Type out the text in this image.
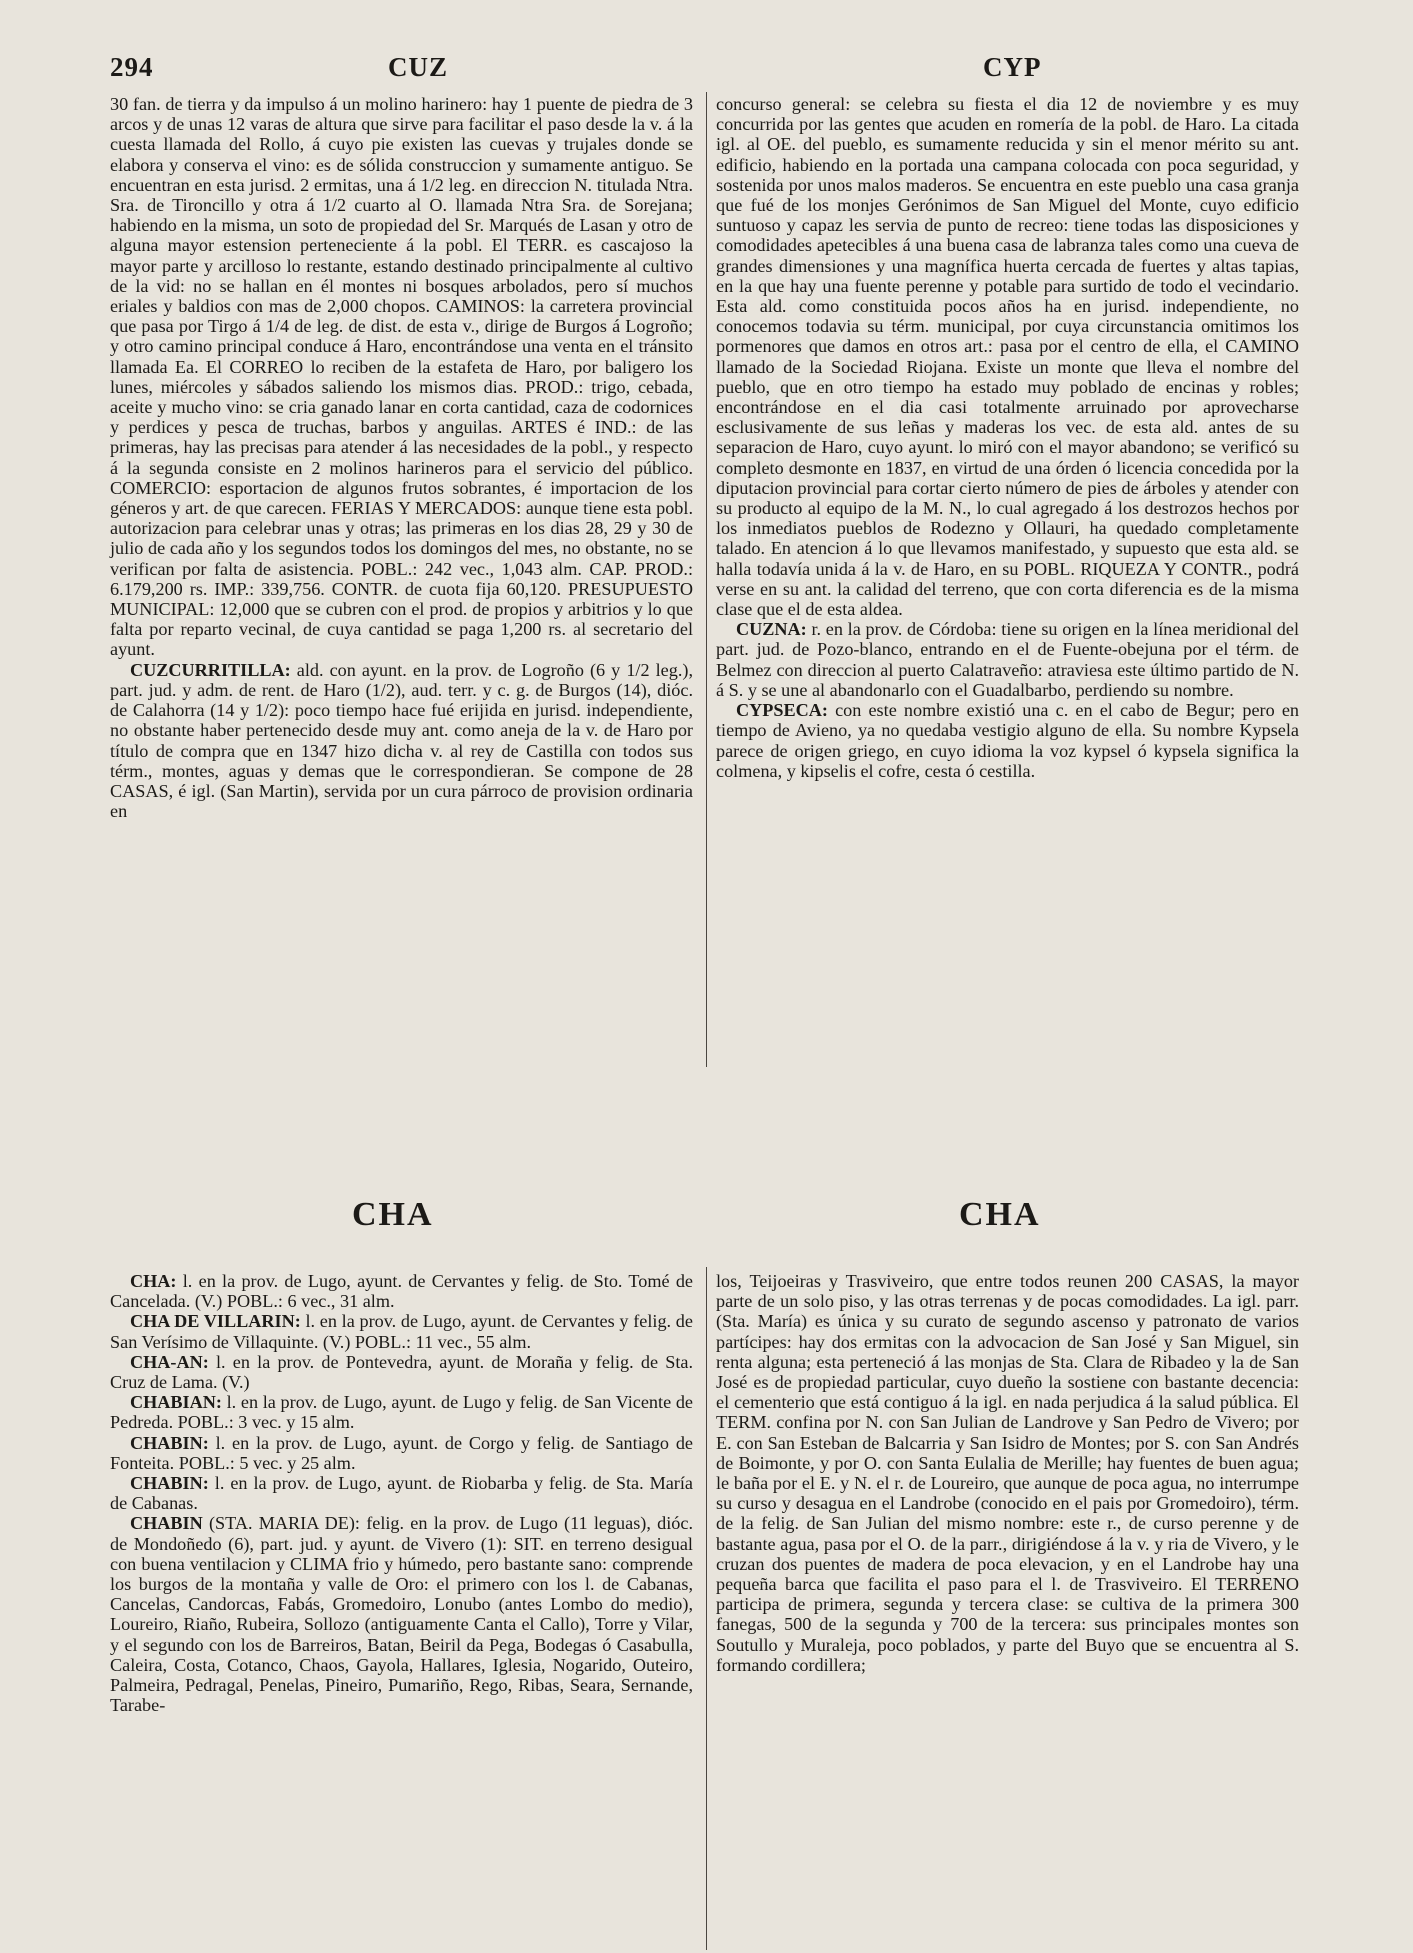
294	CUZ	CYP

30 fan. de tierra y da impulso á un molino harinero: hay 1 puente de piedra de 3 arcos y de unas 12 varas de altura que sirve para facilitar el paso desde la v. á la cuesta llamada del Rollo, á cuyo pie existen las cuevas y trujales donde se elabora y conserva el vino: es de sólida construccion y sumamente antiguo. Se encuentran en esta jurisd. 2 ermitas, una á 1/2 leg. en direccion N. titulada Ntra. Sra. de Tironcillo y otra á 1/2 cuarto al O. llamada Ntra Sra. de Sorejana; habiendo en la misma, un soto de propiedad del Sr. Marqués de Lasan y otro de alguna mayor estension perteneciente á la pobl. El TERR. es cascajoso la mayor parte y arcilloso lo restante, estando destinado principalmente al cultivo de la vid: no se hallan en él montes ni bosques arbolados, pero sí muchos eriales y baldios con mas de 2,000 chopos. CAMINOS: la carretera provincial que pasa por Tirgo á 1/4 de leg. de dist. de esta v., dirige de Burgos á Logroño; y otro camino principal conduce á Haro, encontrándose una venta en el tránsito llamada Ea. El CORREO lo reciben de la estafeta de Haro, por baligero los lunes, miércoles y sábados saliendo los mismos dias. PROD.: trigo, cebada, aceite y mucho vino: se cria ganado lanar en corta cantidad, caza de codornices y perdices y pesca de truchas, barbos y anguilas. ARTES é IND.: de las primeras, hay las precisas para atender á las necesidades de la pobl., y respecto á la segunda consiste en 2 molinos harineros para el servicio del público. COMERCIO: esportacion de algunos frutos sobrantes, é importacion de los géneros y art. de que carecen. FERIAS Y MERCADOS: aunque tiene esta pobl. autorizacion para celebrar unas y otras; las primeras en los dias 28, 29 y 30 de julio de cada año y los segundos todos los domingos del mes, no obstante, no se verifican por falta de asistencia. POBL.: 242 vec., 1,043 alm. CAP. PROD.: 6.179,200 rs. IMP.: 339,756. CONTR. de cuota fija 60,120. PRESUPUESTO MUNICIPAL: 12,000 que se cubren con el prod. de propios y arbitrios y lo que falta por reparto vecinal, de cuya cantidad se paga 1,200 rs. al secretario del ayunt.

CUZCURRITILLA: ald. con ayunt. en la prov. de Logroño (6 y 1/2 leg.), part. jud. y adm. de rent. de Haro (1/2), aud. terr. y c. g. de Burgos (14), dióc. de Calahorra (14 y 1/2): poco tiempo hace fué erijida en jurisd. independiente, no obstante haber pertenecido desde muy ant. como aneja de la v. de Haro por título de compra que en 1347 hizo dicha v. al rey de Castilla con todos sus térm., montes, aguas y demas que le correspondieran. Se compone de 28 CASAS, é igl. (San Martin), servida por un cura párroco de provision ordinaria en

concurso general: se celebra su fiesta el dia 12 de noviembre y es muy concurrida por las gentes que acuden en romería de la pobl. de Haro. La citada igl. al OE. del pueblo, es sumamente reducida y sin el menor mérito su ant. edificio, habiendo en la portada una campana colocada con poca seguridad, y sostenida por unos malos maderos. Se encuentra en este pueblo una casa granja que fué de los monjes Gerónimos de San Miguel del Monte, cuyo edificio suntuoso y capaz les servia de punto de recreo: tiene todas las disposiciones y comodidades apetecibles á una buena casa de labranza tales como una cueva de grandes dimensiones y una magnífica huerta cercada de fuertes y altas tapias, en la que hay una fuente perenne y potable para surtido de todo el vecindario. Esta ald. como constituida pocos años ha en jurisd. independiente, no conocemos todavia su térm. municipal, por cuya circunstancia omitimos los pormenores que damos en otros art.: pasa por el centro de ella, el CAMINO llamado de la Sociedad Riojana. Existe un monte que lleva el nombre del pueblo, que en otro tiempo ha estado muy poblado de encinas y robles; encontrándose en el dia casi totalmente arruinado por aprovecharse esclusivamente de sus leñas y maderas los vec. de esta ald. antes de su separacion de Haro, cuyo ayunt. lo miró con el mayor abandono; se verificó su completo desmonte en 1837, en virtud de una órden ó licencia concedida por la diputacion provincial para cortar cierto número de pies de árboles y atender con su producto al equipo de la M. N., lo cual agregado á los destrozos hechos por los inmediatos pueblos de Rodezno y Ollauri, ha quedado completamente talado. En atencion á lo que llevamos manifestado, y supuesto que esta ald. se halla todavía unida á la v. de Haro, en su POBL. RIQUEZA Y CONTR., podrá verse en su ant. la calidad del terreno, que con corta diferencia es de la misma clase que el de esta aldea.

CUZNA: r. en la prov. de Córdoba: tiene su origen en la línea meridional del part. jud. de Pozo-blanco, entrando en el de Fuente-obejuna por el térm. de Belmez con direccion al puerto Calatraveño: atraviesa este último partido de N. á S. y se une al abandonarlo con el Guadalbarbo, perdiendo su nombre.

CYPSECA: con este nombre existió una c. en el cabo de Begur; pero en tiempo de Avieno, ya no quedaba vestigio alguno de ella. Su nombre Kypsela parece de origen griego, en cuyo idioma la voz kypsel ó kypsela significa la colmena, y kipselis el cofre, cesta ó cestilla.

CHA	CHA

CHA: l. en la prov. de Lugo, ayunt. de Cervantes y felig. de Sto. Tomé de Cancelada. (V.) POBL.: 6 vec., 31 alm.

CHA DE VILLARIN: l. en la prov. de Lugo, ayunt. de Cervantes y felig. de San Verísimo de Villaquinte. (V.) POBL.: 11 vec., 55 alm.

CHA-AN: l. en la prov. de Pontevedra, ayunt. de Moraña y felig. de Sta. Cruz de Lama. (V.)

CHABIAN: l. en la prov. de Lugo, ayunt. de Lugo y felig. de San Vicente de Pedreda. POBL.: 3 vec. y 15 alm.

CHABIN: l. en la prov. de Lugo, ayunt. de Corgo y felig. de Santiago de Fonteita. POBL.: 5 vec. y 25 alm.

CHABIN: l. en la prov. de Lugo, ayunt. de Riobarba y felig. de Sta. María de Cabanas.

CHABIN (STA. MARIA DE): felig. en la prov. de Lugo (11 leguas), dióc. de Mondoñedo (6), part. jud. y ayunt. de Vivero (1): SIT. en terreno desigual con buena ventilacion y CLIMA frio y húmedo, pero bastante sano: comprende los burgos de la montaña y valle de Oro: el primero con los l. de Cabanas, Cancelas, Candorcas, Fabás, Gromedoiro, Lonubo (antes Lombo do medio), Loureiro, Riaño, Rubeira, Sollozo (antiguamente Canta el Callo), Torre y Vilar, y el segundo con los de Barreiros, Batan, Beiril da Pega, Bodegas ó Casabulla, Caleira, Costa, Cotanco, Chaos, Gayola, Hallares, Iglesia, Nogarido, Outeiro, Palmeira, Pedragal, Penelas, Pineiro, Pumariño, Rego, Ribas, Seara, Sernande, Tarabe-

los, Teijoeiras y Trasviveiro, que entre todos reunen 200 CASAS, la mayor parte de un solo piso, y las otras terrenas y de pocas comodidades. La igl. parr. (Sta. María) es única y su curato de segundo ascenso y patronato de varios partícipes: hay dos ermitas con la advocacion de San José y San Miguel, sin renta alguna; esta perteneció á las monjas de Sta. Clara de Ribadeo y la de San José es de propiedad particular, cuyo dueño la sostiene con bastante decencia: el cementerio que está contiguo á la igl. en nada perjudica á la salud pública. El TERM. confina por N. con San Julian de Landrove y San Pedro de Vivero; por E. con San Esteban de Balcarria y San Isidro de Montes; por S. con San Andrés de Boimonte, y por O. con Santa Eulalia de Merille; hay fuentes de buen agua; le baña por el E. y N. el r. de Loureiro, que aunque de poca agua, no interrumpe su curso y desagua en el Landrobe (conocido en el pais por Gromedoiro), térm. de la felig. de San Julian del mismo nombre: este r., de curso perenne y de bastante agua, pasa por el O. de la parr., dirigiéndose á la v. y ria de Vivero, y le cruzan dos puentes de madera de poca elevacion, y en el Landrobe hay una pequeña barca que facilita el paso para el l. de Trasviveiro. El TERRENO participa de primera, segunda y tercera clase: se cultiva de la primera 300 fanegas, 500 de la segunda y 700 de la tercera: sus principales montes son Soutullo y Muraleja, poco poblados, y parte del Buyo que se encuentra al S. formando cordillera;
